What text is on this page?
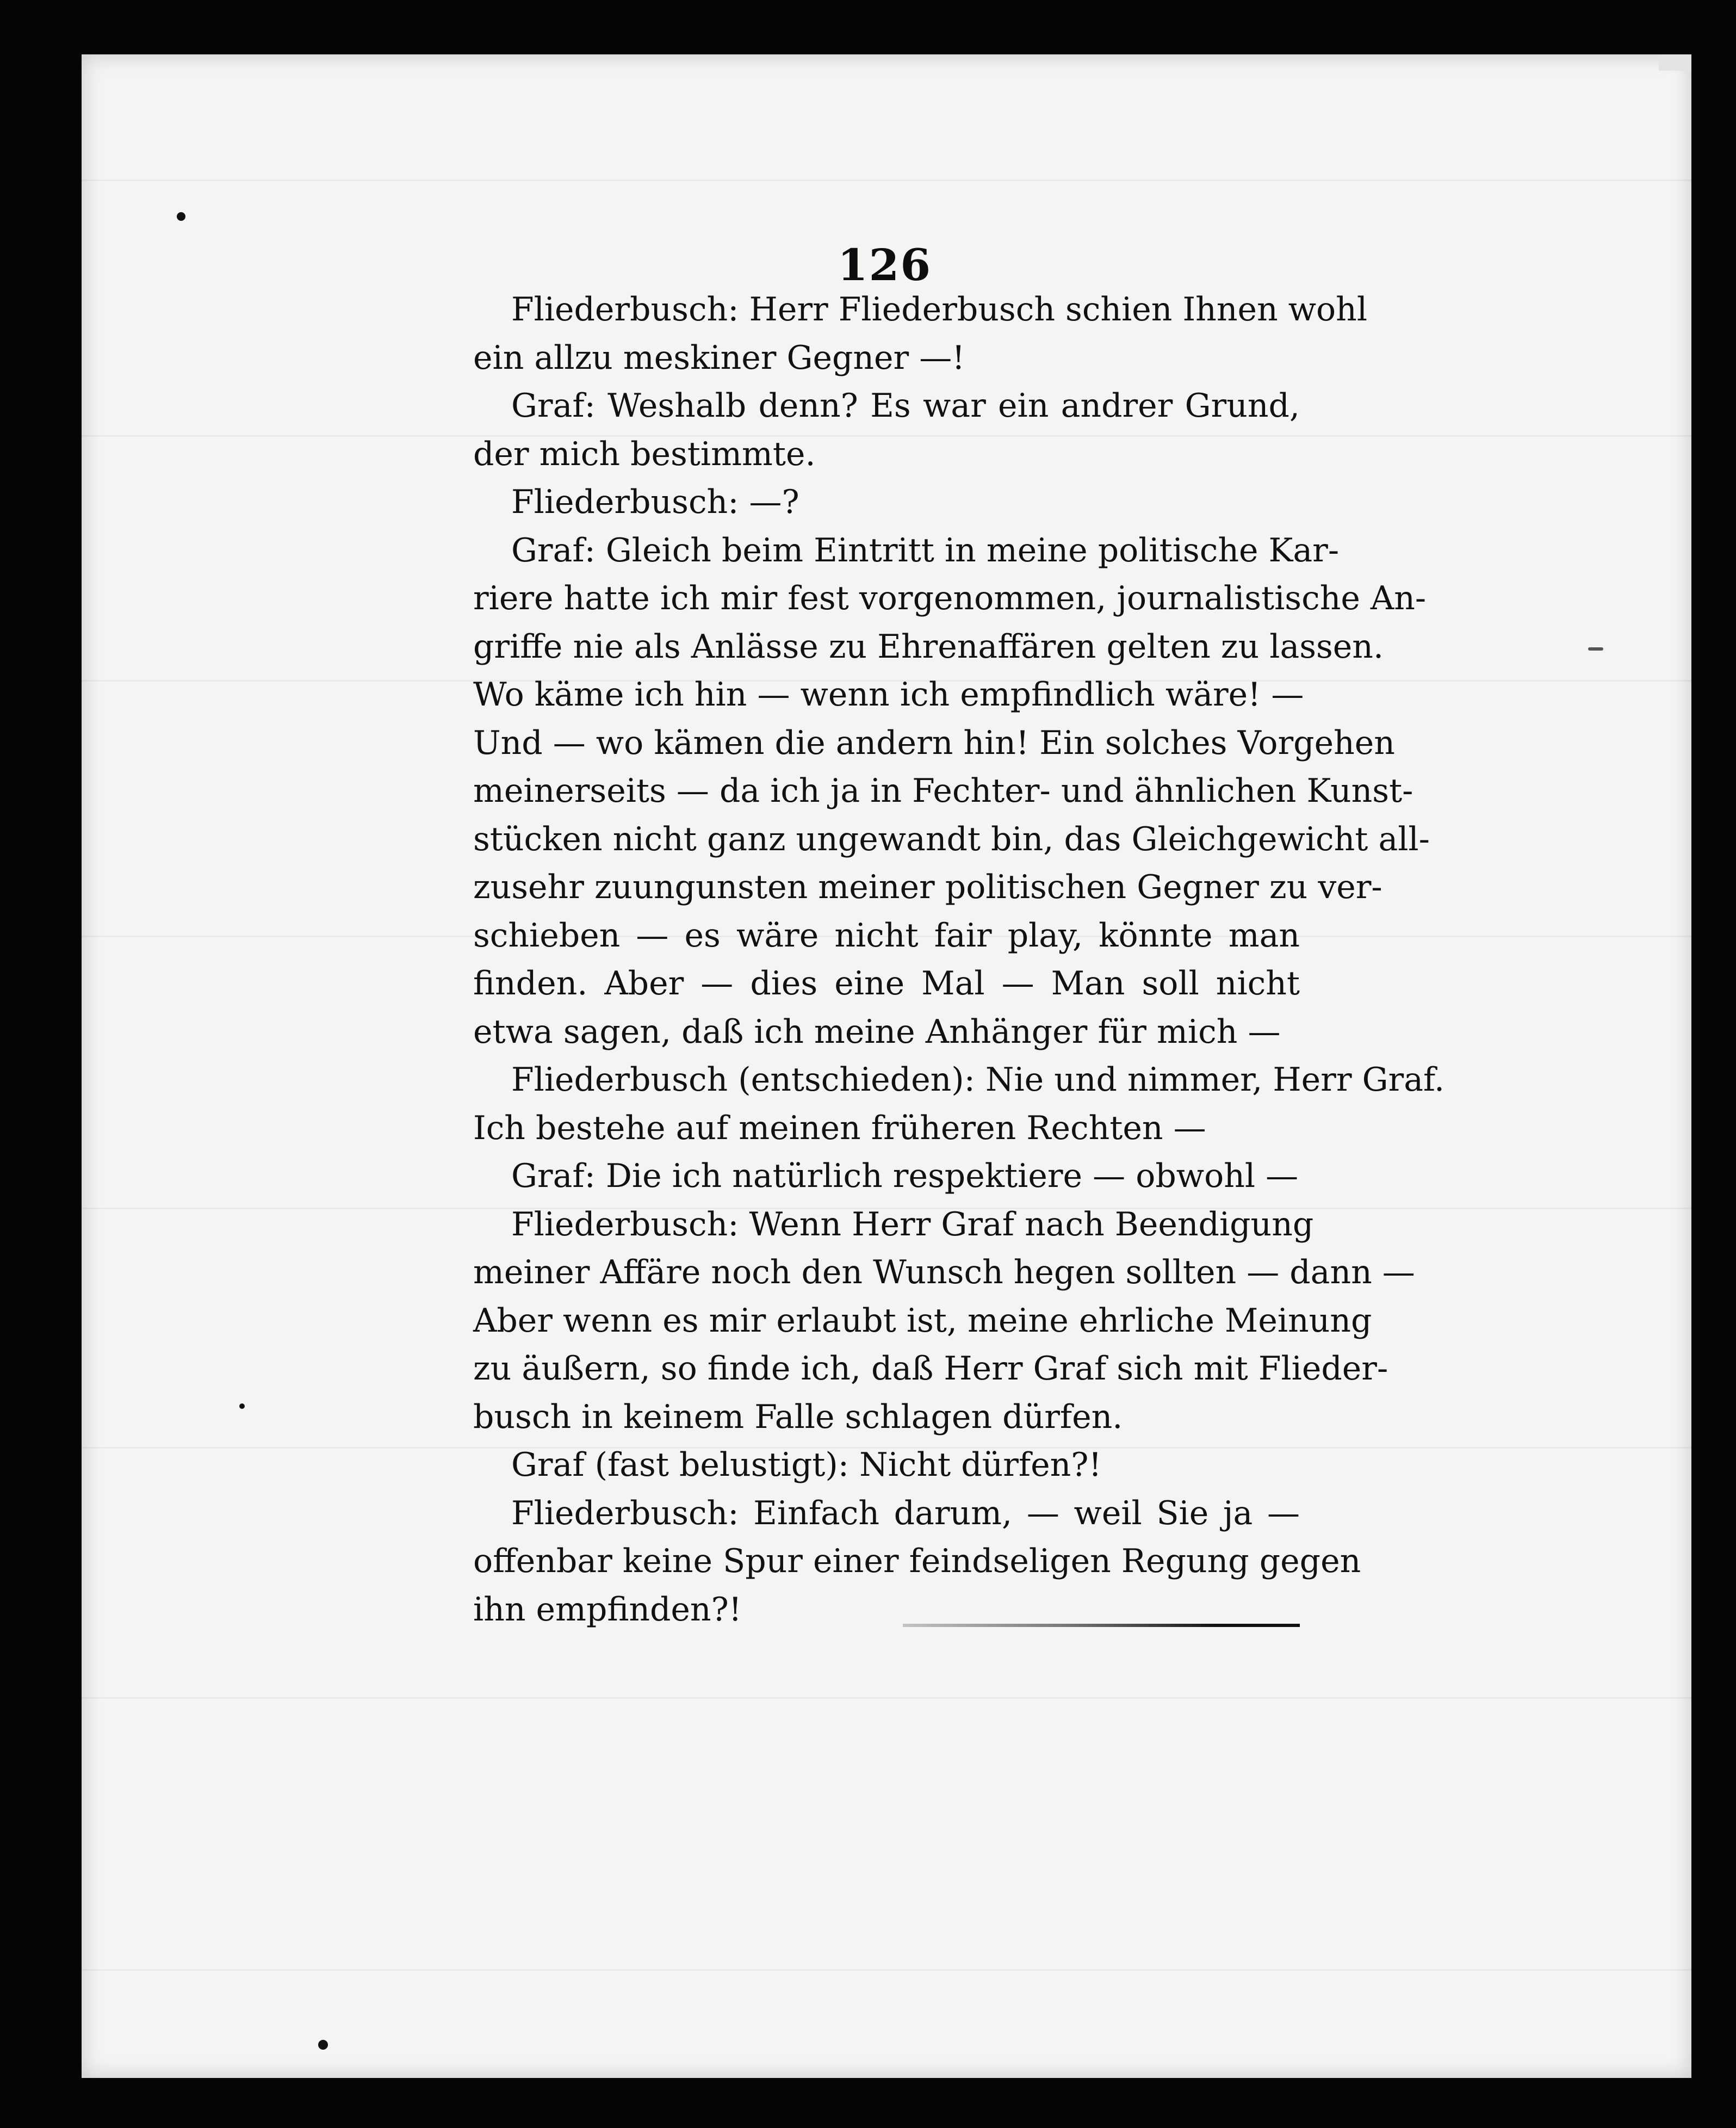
126
Fliederbusch: Herr Fliederbusch schien Ihnen wohl
ein allzu meskiner Gegner —!
Graf: Weshalb denn? Es war ein andrer Grund,
der mich bestimmte.
Fliederbusch: —?
Graf: Gleich beim Eintritt in meine politische Kar-
riere hatte ich mir fest vorgenommen, journalistische An-
griffe nie als Anlässe zu Ehrenaffären gelten zu lassen.
Wo käme ich hin — wenn ich empfindlich wäre! —
Und — wo kämen die andern hin! Ein solches Vorgehen
meinerseits — da ich ja in Fechter- und ähnlichen Kunst-
stücken nicht ganz ungewandt bin, das Gleichgewicht all-
zusehr zuungunsten meiner politischen Gegner zu ver-
schieben — es wäre nicht fair play, könnte man
finden. Aber — dies eine Mal — Man soll nicht
etwa sagen, daß ich meine Anhänger für mich —
Fliederbusch (entschieden): Nie und nimmer, Herr Graf.
Ich bestehe auf meinen früheren Rechten —
Graf: Die ich natürlich respektiere — obwohl —
Fliederbusch: Wenn Herr Graf nach Beendigung
meiner Affäre noch den Wunsch hegen sollten — dann —
Aber wenn es mir erlaubt ist, meine ehrliche Meinung
zu äußern, so finde ich, daß Herr Graf sich mit Flieder-
busch in keinem Falle schlagen dürfen.
Graf (fast belustigt): Nicht dürfen?!
Fliederbusch: Einfach darum, — weil Sie ja —
offenbar keine Spur einer feindseligen Regung gegen
ihn empfinden?!
